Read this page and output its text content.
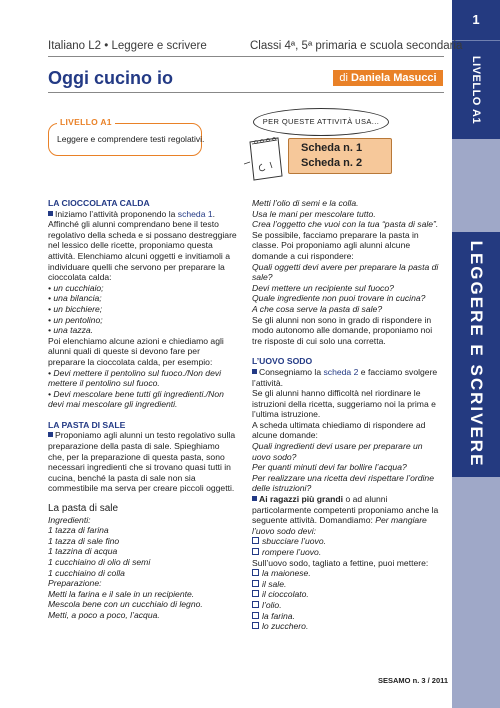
1
LIVELLO A1
LEGGERE E SCRIVERE
Italiano L2 • Leggere e scrivere	Classi 4ª, 5ª primaria e scuola secondaria
Oggi cucino io	di Daniela Masucci
LIVELLO A1
Leggere e comprendere testi regolativi.
PER QUESTE ATTIVITÀ USA...
Scheda n. 1
Scheda n. 2
LA CIOCCOLATA CALDA

Iniziamo l’attività proponendo la scheda 1. Affinché gli alunni comprendano bene il testo regolativo della scheda e si possano destreggiare nel lessico delle ricette, proponiamo questa attività. Elenchiamo alcuni oggetti e invitiamoli a individuare quelli che servono per preparare la cioccolata calda:

• un cucchiaio;

• una bilancia;

• un bicchiere;

• un pentolino;

• una tazza.

Poi elenchiamo alcune azioni e chiediamo agli alunni quali di queste si devono fare per preparare la cioccolata calda, per esempio:

• Devi mettere il pentolino sul fuoco./Non devi mettere il pentolino sul fuoco.

• Devi mescolare bene tutti gli ingredienti./Non devi mai mescolare gli ingredienti.

LA PASTA DI SALE

Proponiamo agli alunni un testo regolativo sulla preparazione della pasta di sale. Spieghiamo che, per la preparazione di questa pasta, sono necessari ingredienti che si trovano quasi tutti in cucina, benché la pasta di sale non sia commestibile ma serva per creare piccoli oggetti.

La pasta di sale

Ingredienti:

1 tazza di farina

1 tazza di sale fino

1 tazzina di acqua

1 cucchiaino di olio di semi

1 cucchiaino di colla

Preparazione:

Metti la farina e il sale in un recipiente.

Mescola bene con un cucchiaio di legno.

Metti, a poco a poco, l’acqua.

Metti l’olio di semi e la colla.

Usa le mani per mescolare tutto.

Crea l’oggetto che vuoi con la tua “pasta di sale”.

Se possibile, facciamo preparare la pasta in classe. Poi proponiamo agli alunni alcune domande a cui rispondere:

Quali oggetti devi avere per preparare la pasta di sale?

Devi mettere un recipiente sul fuoco?

Quale ingrediente non puoi trovare in cucina?

A che cosa serve la pasta di sale?

Se gli alunni non sono in grado di rispondere in modo autonomo alle domande, proponiamo noi tre risposte di cui solo una corretta.

L’UOVO SODO

Consegniamo la scheda 2 e facciamo svolgere l’attività.

Se gli alunni hanno difficoltà nel riordinare le istruzioni della ricetta, suggeriamo noi la prima e l’ultima istruzione.

A scheda ultimata chiediamo di rispondere ad alcune domande:

Quali ingredienti devi usare per preparare un uovo sodo?

Per quanti minuti devi far bollire l’acqua?

Per realizzare una ricetta devi rispettare l’ordine delle istruzioni?

Ai ragazzi più grandi o ad alunni particolarmente competenti proponiamo anche la seguente attività. Domandiamo: Per mangiare l’uovo sodo devi:

sbucciare l’uovo.

rompere l’uovo.

Sull’uovo sodo, tagliato a fettine, puoi mettere:

la maionese.

il sale.

il cioccolato.

l’olio.

la farina.

lo zucchero.

SESAMO n. 3 / 2011
